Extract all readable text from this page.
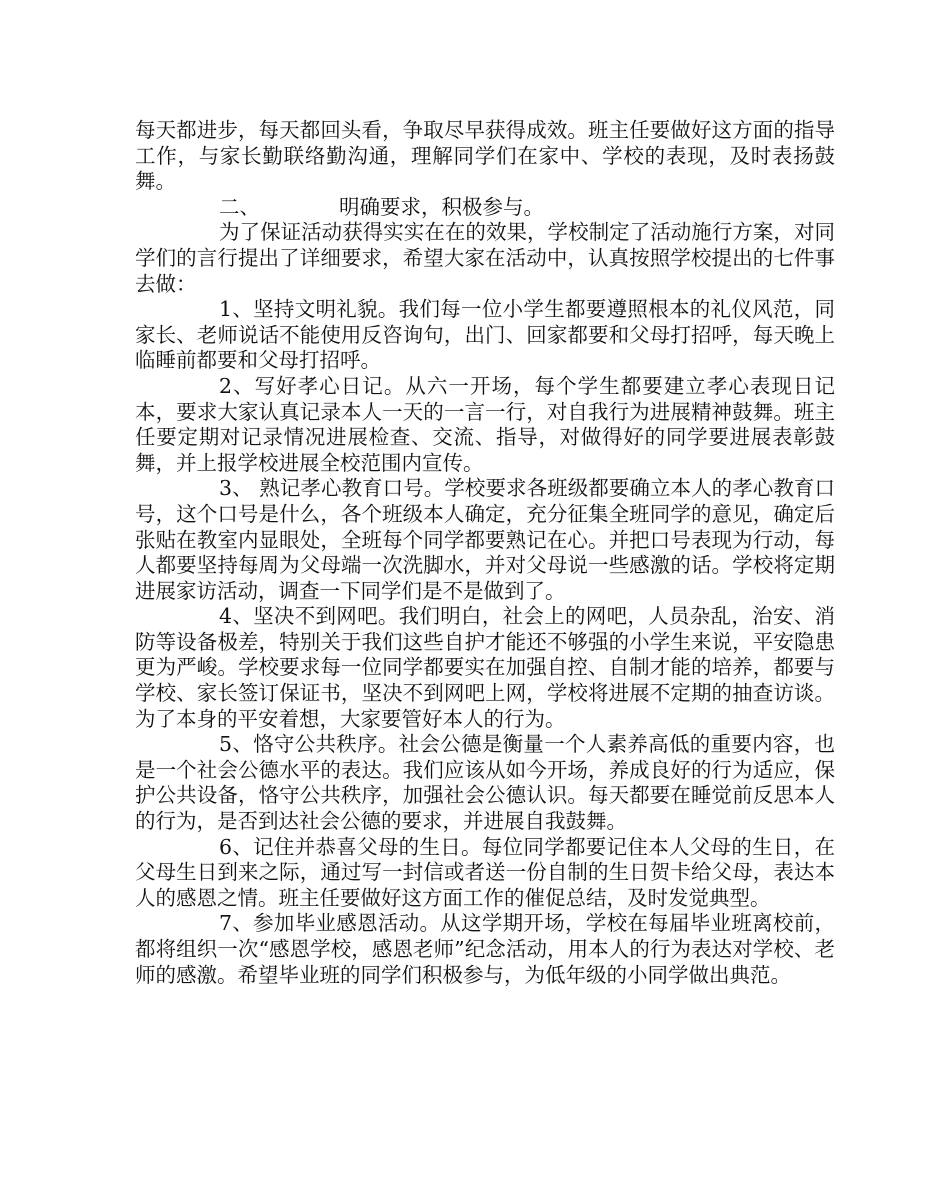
每天都进步，每天都回头看，争取尽早获得成效。班主任要做好这方面的指导工作，与家长勤联络勤沟通，理解同学们在家中、学校的表现，及时表扬鼓舞。

二、	明确要求，积极参与。

为了保证活动获得实实在在的效果，学校制定了活动施行方案，对同学们的言行提出了详细要求，希望大家在活动中，认真按照学校提出的七件事去做：

1、坚持文明礼貌。我们每一位小学生都要遵照根本的礼仪风范，同家长、老师说话不能使用反咨询句，出门、回家都要和父母打招呼，每天晚上临睡前都要和父母打招呼。

2、写好孝心日记。从六一开场，每个学生都要建立孝心表现日记本，要求大家认真记录本人一天的一言一行，对自我行为进展精神鼓舞。班主任要定期对记录情况进展检查、交流、指导，对做得好的同学要进展表彰鼓舞，并上报学校进展全校范围内宣传。

3、 熟记孝心教育口号。学校要求各班级都要确立本人的孝心教育口号，这个口号是什么，各个班级本人确定，充分征集全班同学的意见，确定后张贴在教室内显眼处，全班每个同学都要熟记在心。并把口号表现为行动，每人都要坚持每周为父母端一次洗脚水，并对父母说一些感激的话。学校将定期进展家访活动，调查一下同学们是不是做到了。

4、坚决不到网吧。我们明白，社会上的网吧，人员杂乱，治安、消防等设备极差，特别关于我们这些自护才能还不够强的小学生来说，平安隐患更为严峻。学校要求每一位同学都要实在加强自控、自制才能的培养，都要与学校、家长签订保证书，坚决不到网吧上网，学校将进展不定期的抽查访谈。为了本身的平安着想，大家要管好本人的行为。

5、恪守公共秩序。社会公德是衡量一个人素养高低的重要内容，也是一个社会公德水平的表达。我们应该从如今开场，养成良好的行为适应，保护公共设备，恪守公共秩序，加强社会公德认识。每天都要在睡觉前反思本人的行为，是否到达社会公德的要求，并进展自我鼓舞。

6、记住并恭喜父母的生日。每位同学都要记住本人父母的生日，在父母生日到来之际，通过写一封信或者送一份自制的生日贺卡给父母，表达本人的感恩之情。班主任要做好这方面工作的催促总结，及时发觉典型。

7、参加毕业感恩活动。从这学期开场，学校在每届毕业班离校前，都将组织一次“感恩学校，感恩老师”纪念活动，用本人的行为表达对学校、老师的感激。希望毕业班的同学们积极参与，为低年级的小同学做出典范。
